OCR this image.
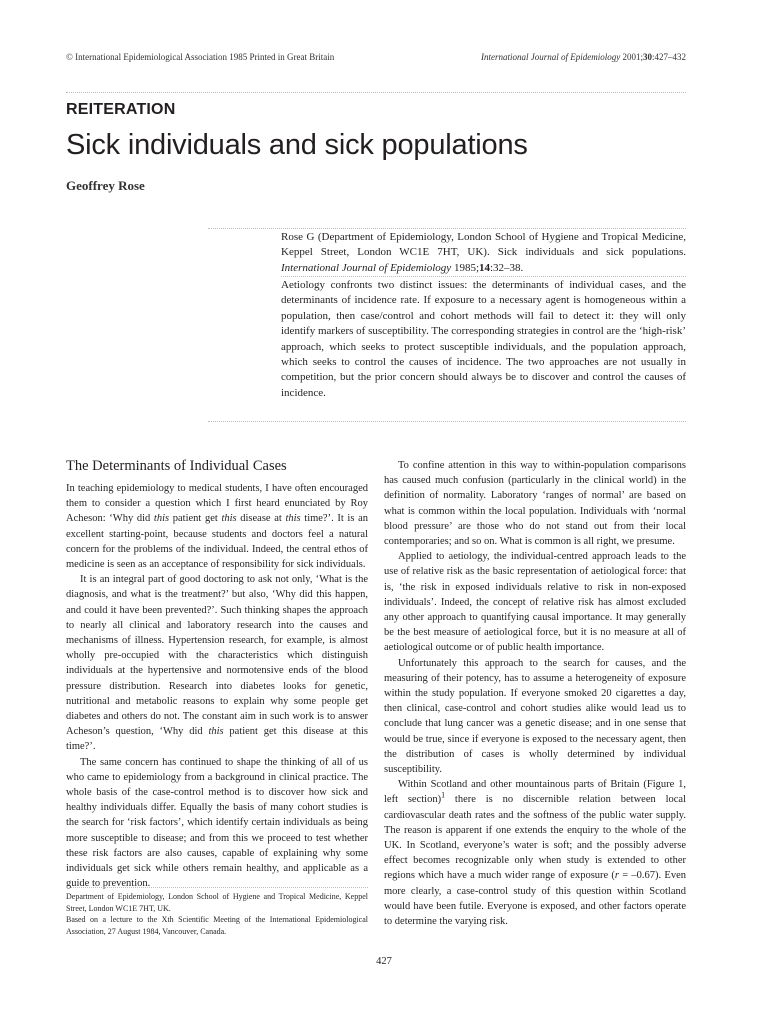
© International Epidemiological Association 1985 Printed in Great Britain	International Journal of Epidemiology 2001;30:427–432
REITERATION
Sick individuals and sick populations
Geoffrey Rose
Rose G (Department of Epidemiology, London School of Hygiene and Tropical Medicine, Keppel Street, London WC1E 7HT, UK). Sick individuals and sick populations. International Journal of Epidemiology 1985;14:32–38.
Aetiology confronts two distinct issues: the determinants of individual cases, and the determinants of incidence rate. If exposure to a necessary agent is homogeneous within a population, then case/control and cohort methods will fail to detect it: they will only identify markers of susceptibility. The corresponding strategies in control are the ‘high-risk’ approach, which seeks to protect susceptible individuals, and the population approach, which seeks to control the causes of incidence. The two approaches are not usually in competition, but the prior concern should always be to discover and control the causes of incidence.
The Determinants of Individual Cases

In teaching epidemiology to medical students, I have often encouraged them to consider a question which I first heard enunciated by Roy Acheson: ‘Why did this patient get this disease at this time?’. It is an excellent starting-point, because students and doctors feel a natural concern for the problems of the individual. Indeed, the central ethos of medicine is seen as an acceptance of responsibility for sick individuals.

It is an integral part of good doctoring to ask not only, ‘What is the diagnosis, and what is the treatment?’ but also, ‘Why did this happen, and could it have been prevented?’. Such thinking shapes the approach to nearly all clinical and laboratory research into the causes and mechanisms of illness. Hypertension research, for example, is almost wholly pre-occupied with the characteristics which distinguish individuals at the hypertensive and normotensive ends of the blood pressure distribution. Research into diabetes looks for genetic, nutritional and metabolic reasons to explain why some people get diabetes and others do not. The constant aim in such work is to answer Acheson’s question, ‘Why did this patient get this disease at this time?’.

The same concern has continued to shape the thinking of all of us who came to epidemiology from a background in clinical practice. The whole basis of the case-control method is to discover how sick and healthy individuals differ. Equally the basis of many cohort studies is the search for ‘risk factors’, which identify certain individuals as being more susceptible to disease; and from this we proceed to test whether these risk factors are also causes, capable of explaining why some individuals get sick while others remain healthy, and applicable as a guide to prevention.

Department of Epidemiology, London School of Hygiene and Tropical Medicine, Keppel Street, London WC1E 7HT, UK.

Based on a lecture to the Xth Scientific Meeting of the International Epidemiological Association, 27 August 1984, Vancouver, Canada.

To confine attention in this way to within-population comparisons has caused much confusion (particularly in the clinical world) in the definition of normality. Laboratory ‘ranges of normal’ are based on what is common within the local population. Individuals with ‘normal blood pressure’ are those who do not stand out from their local contemporaries; and so on. What is common is all right, we presume.

Applied to aetiology, the individual-centred approach leads to the use of relative risk as the basic representation of aetiological force: that is, ‘the risk in exposed individuals relative to risk in non-exposed individuals’. Indeed, the concept of relative risk has almost excluded any other approach to quantifying causal importance. It may generally be the best measure of aetiological force, but it is no measure at all of aetiological outcome or of public health importance.

Unfortunately this approach to the search for causes, and the measuring of their potency, has to assume a heterogeneity of exposure within the study population. If everyone smoked 20 cigarettes a day, then clinical, case-control and cohort studies alike would lead us to conclude that lung cancer was a genetic disease; and in one sense that would be true, since if everyone is exposed to the necessary agent, then the distribution of cases is wholly determined by individual susceptibility.

Within Scotland and other mountainous parts of Britain (Figure 1, left section)$^1$ there is no discernible relation between local cardiovascular death rates and the softness of the public water supply. The reason is apparent if one extends the enquiry to the whole of the UK. In Scotland, everyone’s water is soft; and the possibly adverse effect becomes recognizable only when study is extended to other regions which have a much wider range of exposure (r = –0.67). Even more clearly, a case-control study of this question within Scotland would have been futile. Everyone is exposed, and other factors operate to determine the varying risk.

427
